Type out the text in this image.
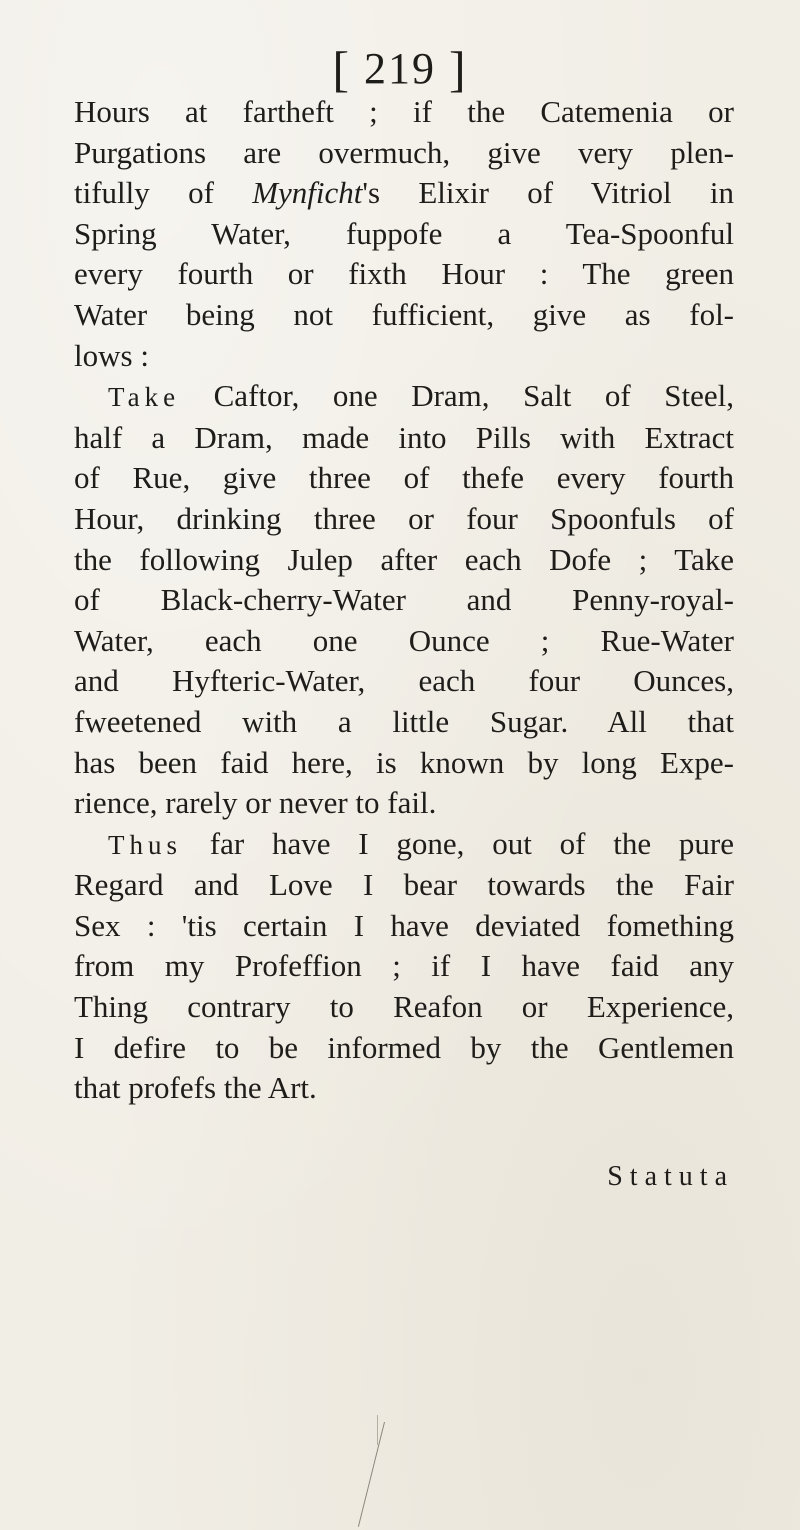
[ 219 ]
Hours at fartheft ; if the Catemenia or
Purgations are overmuch, give very plen-
tifully of Mynficht's Elixir of Vitriol in
Spring Water, fuppofe a Tea-Spoonful
every fourth or fixth Hour : The green
Water being not fufficient, give as fol-
lows :
Take Caftor, one Dram, Salt of Steel,
half a Dram, made into Pills with Extract
of Rue, give three of thefe every fourth
Hour, drinking three or four Spoonfuls of
the following Julep after each Dofe ; Take
of Black-cherry-Water and Penny-royal-
Water, each one Ounce ; Rue-Water
and Hyfteric-Water, each four Ounces,
fweetened with a little Sugar. All that
has been faid here, is known by long Expe-
rience, rarely or never to fail.
Thus far have I gone, out of the pure
Regard and Love I bear towards the Fair
Sex : 'tis certain I have deviated fomething
from my Profeffion ; if I have faid any
Thing contrary to Reafon or Experience,
I defire to be informed by the Gentlemen
that profefs the Art.
Statuta
